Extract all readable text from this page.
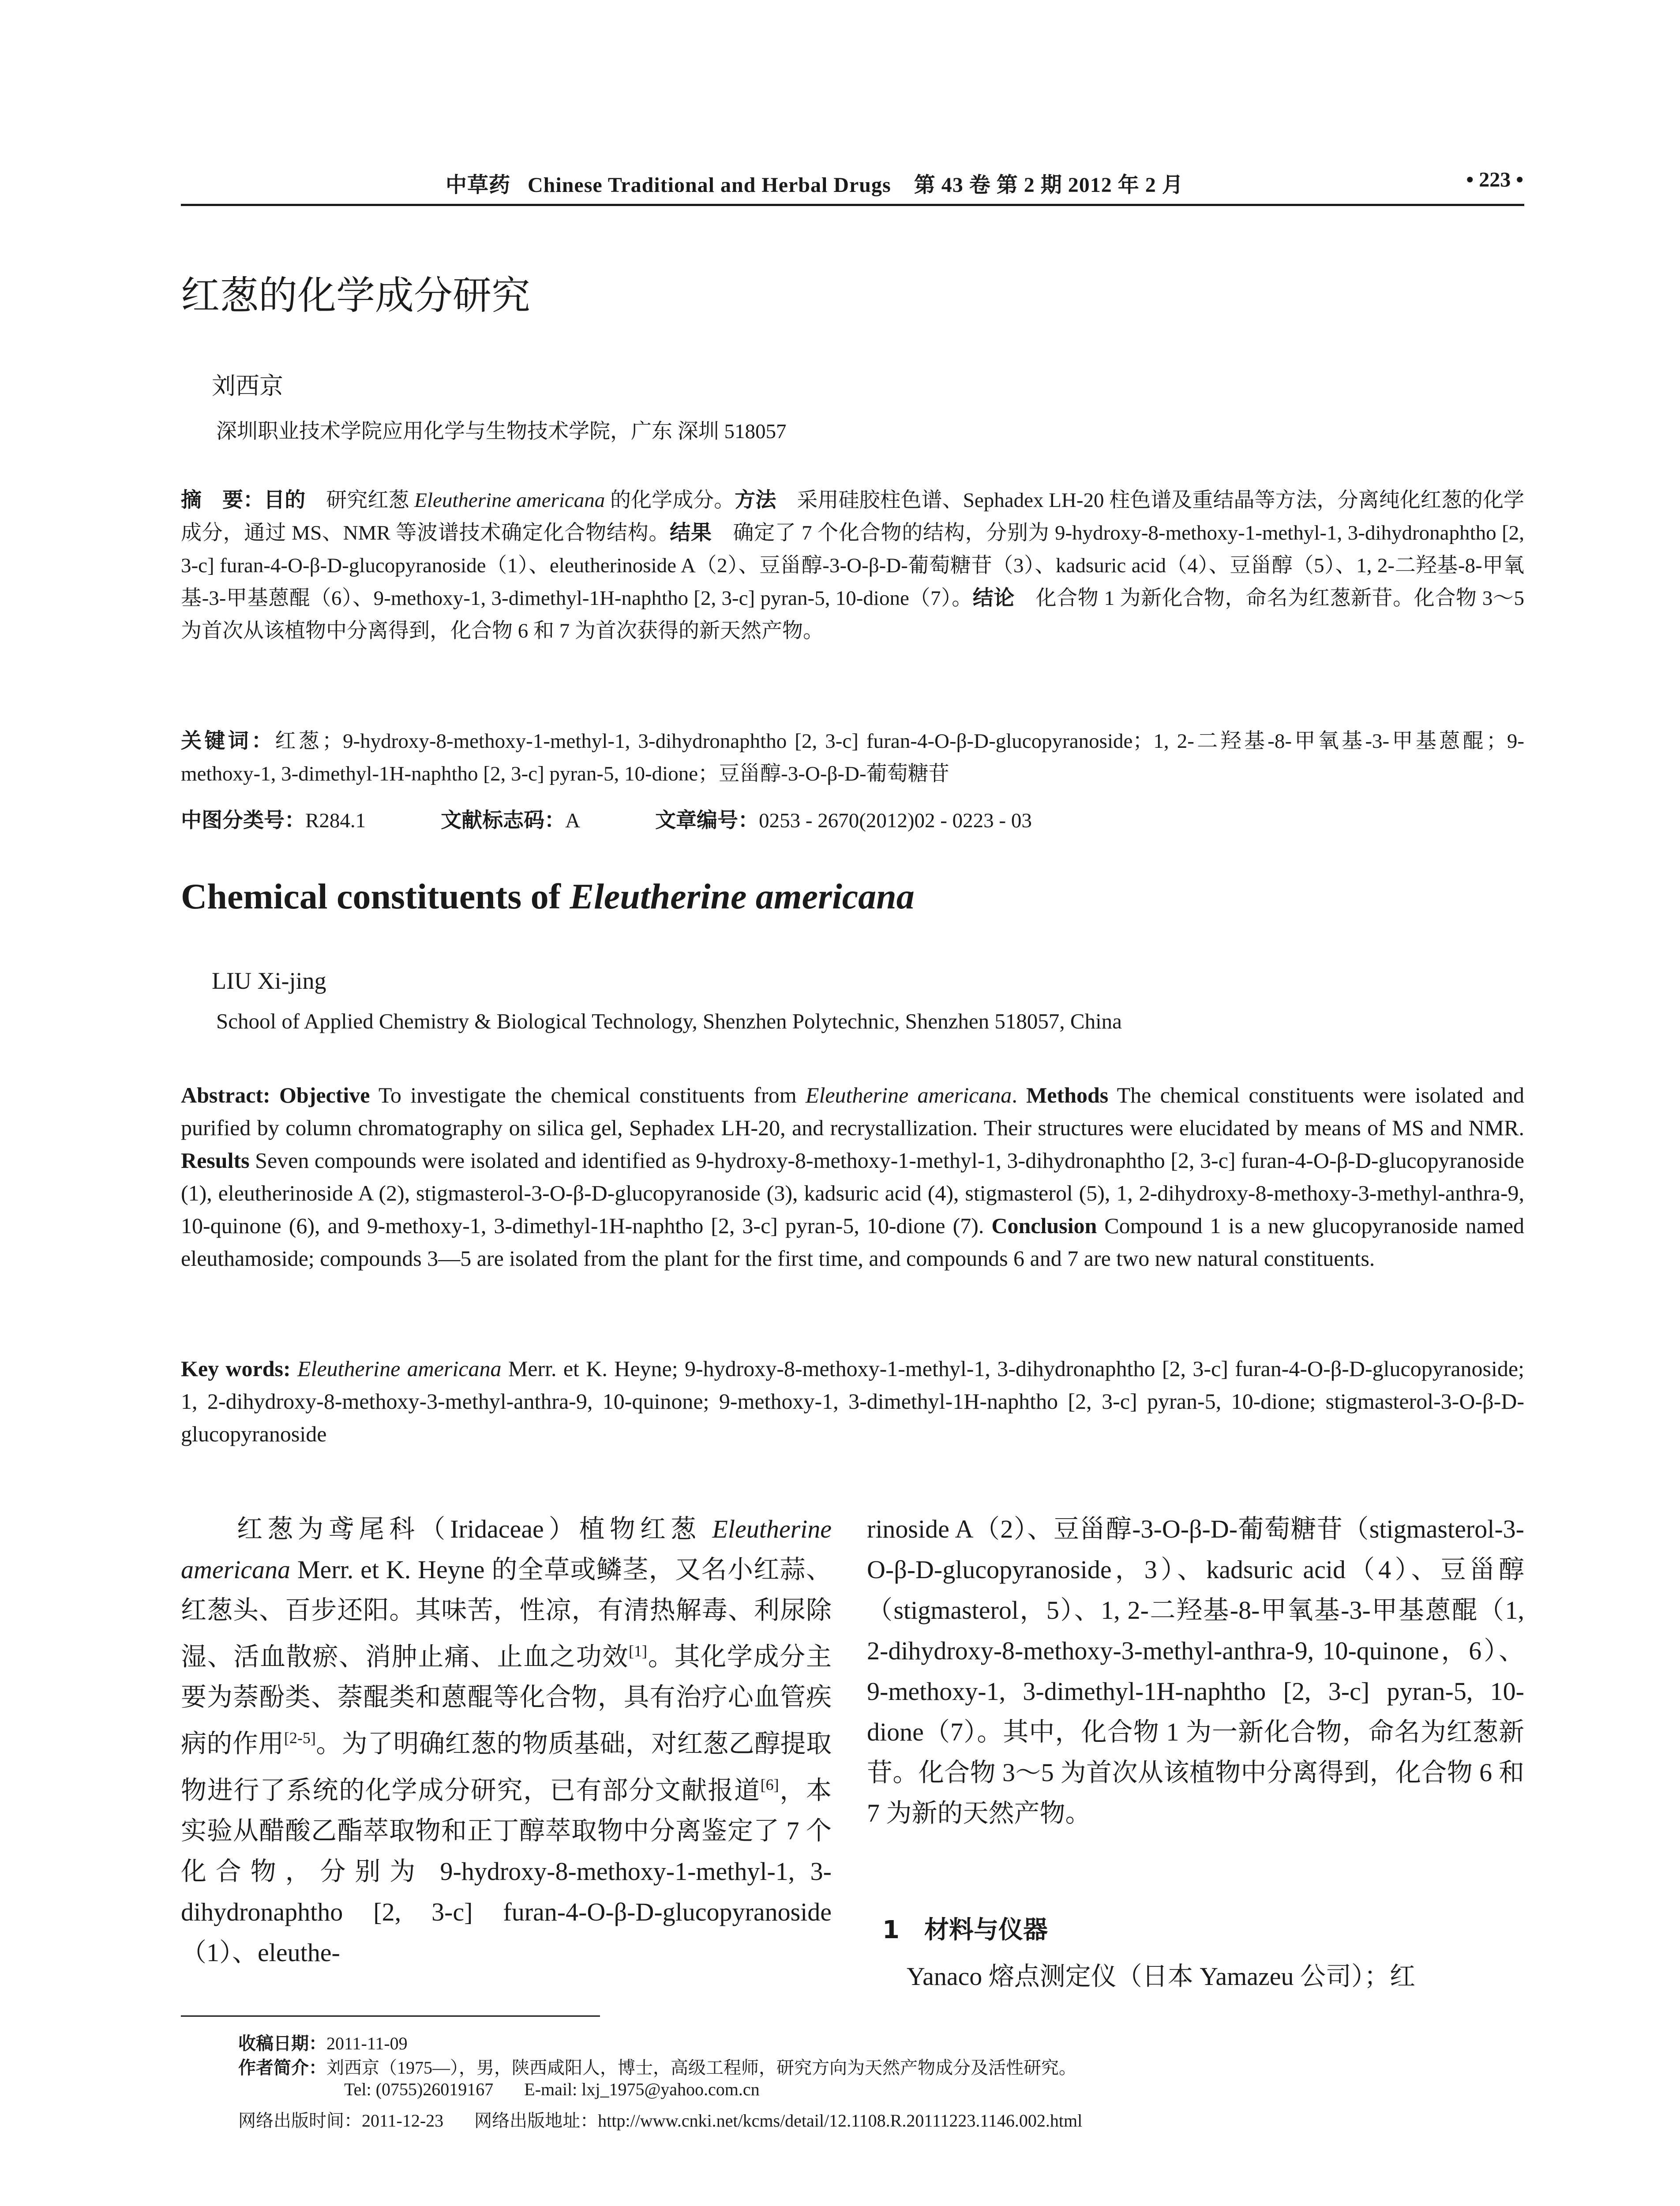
中草药 Chinese Traditional and Herbal Drugs 第 43 卷 第 2 期 2012 年 2 月	• 223 •
红葱的化学成分研究
刘西京
深圳职业技术学院应用化学与生物技术学院，广东 深圳 518057
摘　要：目的　研究红葱 Eleutherine americana 的化学成分。方法　采用硅胶柱色谱、Sephadex LH-20 柱色谱及重结晶等方法，分离纯化红葱的化学成分，通过 MS、NMR 等波谱技术确定化合物结构。结果　确定了 7 个化合物的结构，分别为 9-hydroxy-8-methoxy-1-methyl-1, 3-dihydronaphtho [2, 3-c] furan-4-O-β-D-glucopyranoside（1）、eleutherinoside A（2）、豆甾醇-3-O-β-D-葡萄糖苷（3）、kadsuric acid（4）、豆甾醇（5）、1, 2-二羟基-8-甲氧基-3-甲基蒽醌（6）、9-methoxy-1, 3-dimethyl-1H-naphtho [2, 3-c] pyran-5, 10-dione（7）。结论　化合物 1 为新化合物，命名为红葱新苷。化合物 3～5 为首次从该植物中分离得到，化合物 6 和 7 为首次获得的新天然产物。
关键词：红葱；9-hydroxy-8-methoxy-1-methyl-1, 3-dihydronaphtho [2, 3-c] furan-4-O-β-D-glucopyranoside；1, 2-二羟基-8-甲氧基-3-甲基蒽醌；9-methoxy-1, 3-dimethyl-1H-naphtho [2, 3-c] pyran-5, 10-dione；豆甾醇-3-O-β-D-葡萄糖苷
中图分类号：R284.1	文献标志码：A	文章编号：0253 - 2670(2012)02 - 0223 - 03
Chemical constituents of Eleutherine americana
LIU Xi-jing
School of Applied Chemistry & Biological Technology, Shenzhen Polytechnic, Shenzhen 518057, China
Abstract: Objective To investigate the chemical constituents from Eleutherine americana. Methods The chemical constituents were isolated and purified by column chromatography on silica gel, Sephadex LH-20, and recrystallization. Their structures were elucidated by means of MS and NMR. Results Seven compounds were isolated and identified as 9-hydroxy-8-methoxy-1-methyl-1, 3-dihydronaphtho [2, 3-c] furan-4-O-β-D-glucopyranoside (1), eleutherinoside A (2), stigmasterol-3-O-β-D-glucopyranoside (3), kadsuric acid (4), stigmasterol (5), 1, 2-dihydroxy-8-methoxy-3-methyl-anthra-9, 10-quinone (6), and 9-methoxy-1, 3-dimethyl-1H-naphtho [2, 3-c] pyran-5, 10-dione (7). Conclusion Compound 1 is a new glucopyranoside named eleuthamoside; compounds 3—5 are isolated from the plant for the first time, and compounds 6 and 7 are two new natural constituents.
Key words: Eleutherine americana Merr. et K. Heyne; 9-hydroxy-8-methoxy-1-methyl-1, 3-dihydronaphtho [2, 3-c] furan-4-O-β-D-glucopyranoside; 1, 2-dihydroxy-8-methoxy-3-methyl-anthra-9, 10-quinone; 9-methoxy-1, 3-dimethyl-1H-naphtho [2, 3-c] pyran-5, 10-dione; stigmasterol-3-O-β-D-glucopyranoside
红葱为鸢尾科（Iridaceae）植物红葱 Eleutherine americana Merr. et K. Heyne 的全草或鳞茎，又名小红蒜、红葱头、百步还阳。其味苦，性凉，有清热解毒、利尿除湿、活血散瘀、消肿止痛、止血之功效[1]。其化学成分主要为萘酚类、萘醌类和蒽醌等化合物，具有治疗心血管疾病的作用[2-5]。为了明确红葱的物质基础，对红葱乙醇提取物进行了系统的化学成分研究，已有部分文献报道[6]，本实验从醋酸乙酯萃取物和正丁醇萃取物中分离鉴定了 7 个化合物，分别为 9-hydroxy-8-methoxy-1-methyl-1, 3-dihydronaphtho [2, 3-c] furan-4-O-β-D-glucopyranoside（1）、eleuthe-
rinoside A（2）、豆甾醇-3-O-β-D-葡萄糖苷（stigmasterol-3-O-β-D-glucopyranoside，3）、kadsuric acid（4）、豆甾醇（stigmasterol，5）、1, 2-二羟基-8-甲氧基-3-甲基蒽醌（1, 2-dihydroxy-8-methoxy-3-methyl-anthra-9, 10-quinone，6）、9-methoxy-1, 3-dimethyl-1H-naphtho [2, 3-c] pyran-5, 10-dione（7）。其中，化合物 1 为一新化合物，命名为红葱新苷。化合物 3～5 为首次从该植物中分离得到，化合物 6 和 7 为新的天然产物。
1　材料与仪器
Yanaco 熔点测定仪（日本 Yamazeu 公司）；红
收稿日期：2011-11-09
作者简介：刘西京（1975—），男，陕西咸阳人，博士，高级工程师，研究方向为天然产物成分及活性研究。
Tel: (0755)26019167 E-mail: lxj_1975@yahoo.com.cn
网络出版时间：2011-12-23 网络出版地址：http://www.cnki.net/kcms/detail/12.1108.R.20111223.1146.002.html
